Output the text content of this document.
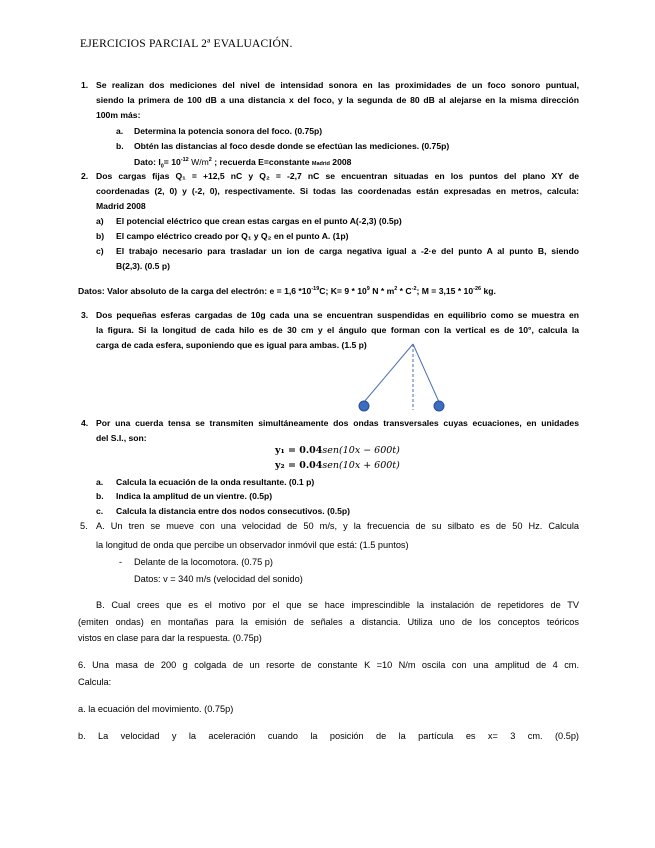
EJERCICIOS PARCIAL 2ª EVALUACIÓN.
1. Se realizan dos mediciones del nivel de intensidad sonora en las proximidades de un foco sonoro puntual,
siendo la primera de 100 dB a una distancia x del foco, y la segunda de 80 dB al alejarse en la misma dirección
100m más:
a. Determina la potencia sonora del foco. (0.75p)
b. Obtén las distancias al foco desde donde se efectúan las mediciones. (0.75p)
Dato: $I_0= 10^{-12}$ $W/m^2$ ; recuerda E=constante Madrid 2008
2. Dos cargas fijas Q₁ = +12,5 nC y Q₂ = -2,7 nC se encuentran situadas en los puntos del plano XY de
coordenadas (2, 0) y (-2, 0), respectivamente. Si todas las coordenadas están expresadas en metros, calcula:
Madrid 2008
a) El potencial eléctrico que crean estas cargas en el punto A(-2,3) (0.5p)
b) El campo eléctrico creado por Q₁ y Q₂ en el punto A. (1p)
c) El trabajo necesario para trasladar un ion de carga negativa igual a -2·e del punto A al punto B, siendo
B(2,3). (0.5 p)
Datos: Valor absoluto de la carga del electrón: e = 1,6 $*10^{-19}C$; $K= 9 * 10^9$ N * $m^2 * C^{-2}$; $M = 3,15 * 10^{-26}$ kg.
3. Dos pequeñas esferas cargadas de 10g cada una se encuentran suspendidas en equilibrio como se muestra en
la figura. Si la longitud de cada hilo es de 30 cm y el ángulo que forman con la vertical es de 10°, calcula la
carga de cada esfera, suponiendo que es igual para ambas. (1.5 p)
4. Por una cuerda tensa se transmiten simultáneamente dos ondas transversales cuyas ecuaciones, en unidades
del S.I., son:
y₁ = 0.04sen(10x − 600t)
y₂ = 0.04sen(10x + 600t)
a. Calcula la ecuación de la onda resultante. (0.1 p)
b. Indica la amplitud de un vientre. (0.5p)
c. Calcula la distancia entre dos nodos consecutivos. (0.5p)
5. A. Un tren se mueve con una velocidad de 50 m/s, y la frecuencia de su silbato es de 50 Hz. Calcula
la longitud de onda que percibe un observador inmóvil que está: (1.5 puntos)
- Delante de la locomotora. (0.75 p)
Datos: v = 340 m/s (velocidad del sonido)
B. Cual crees que es el motivo por el que se hace imprescindible la instalación de repetidores de TV
(emiten ondas) en montañas para la emisión de señales a distancia. Utiliza uno de los conceptos teóricos
vistos en clase para dar la respuesta. (0.75p)
6. Una masa de 200 g colgada de un resorte de constante K =10 N/m oscila con una amplitud de 4 cm.
Calcula:
a. la ecuación del movimiento. (0.75p)
b. La velocidad y la aceleración cuando la posición de la partícula es x= 3 cm. (0.5p)
